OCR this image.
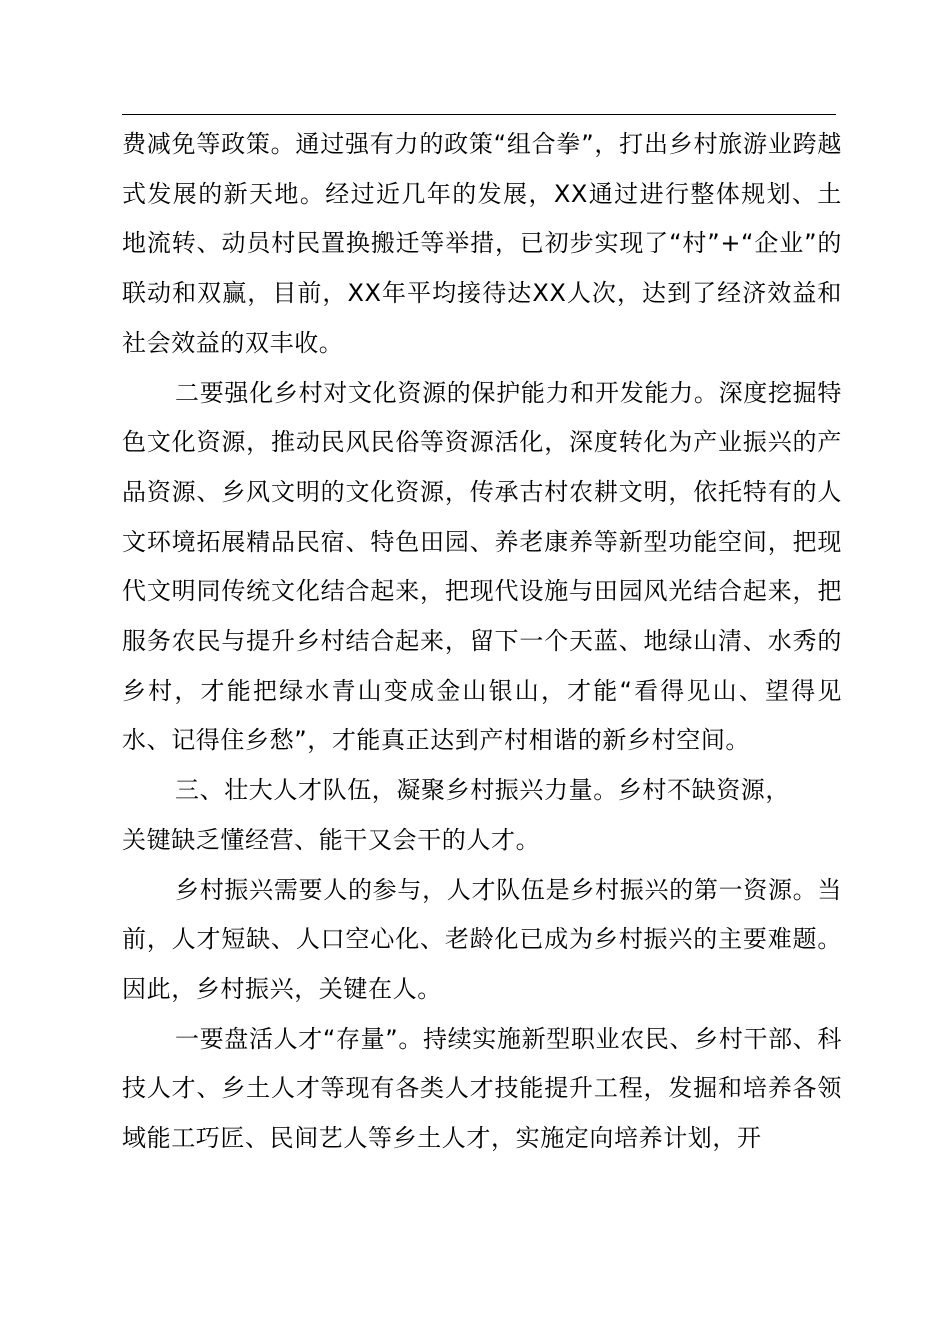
费减免等政策。通过强有力的政策“组合拳”，打出乡村旅游业跨越式发展的新天地。经过近几年的发展，XX通过进行整体规划、土地流转、动员村民置换搬迁等举措，已初步实现了“村”+“企业”的联动和双赢，目前，XX年平均接待达XX人次，达到了经济效益和社会效益的双丰收。

二要强化乡村对文化资源的保护能力和开发能力。深度挖掘特色文化资源，推动民风民俗等资源活化，深度转化为产业振兴的产品资源、乡风文明的文化资源，传承古村农耕文明，依托特有的人文环境拓展精品民宿、特色田园、养老康养等新型功能空间，把现代文明同传统文化结合起来，把现代设施与田园风光结合起来，把服务农民与提升乡村结合起来，留下一个天蓝、地绿山清、水秀的乡村，才能把绿水青山变成金山银山，才能“看得见山、望得见水、记得住乡愁”，才能真正达到产村相谐的新乡村空间。

三、壮大人才队伍，凝聚乡村振兴力量。乡村不缺资源，
关键缺乏懂经营、能干又会干的人才。

乡村振兴需要人的参与，人才队伍是乡村振兴的第一资源。当前，人才短缺、人口空心化、老龄化已成为乡村振兴的主要难题。因此，乡村振兴，关键在人。

一要盘活人才“存量”。持续实施新型职业农民、乡村干部、科技人才、乡土人才等现有各类人才技能提升工程，发掘和培养各领域能工巧匠、民间艺人等乡土人才，实施定向培养计划，开
